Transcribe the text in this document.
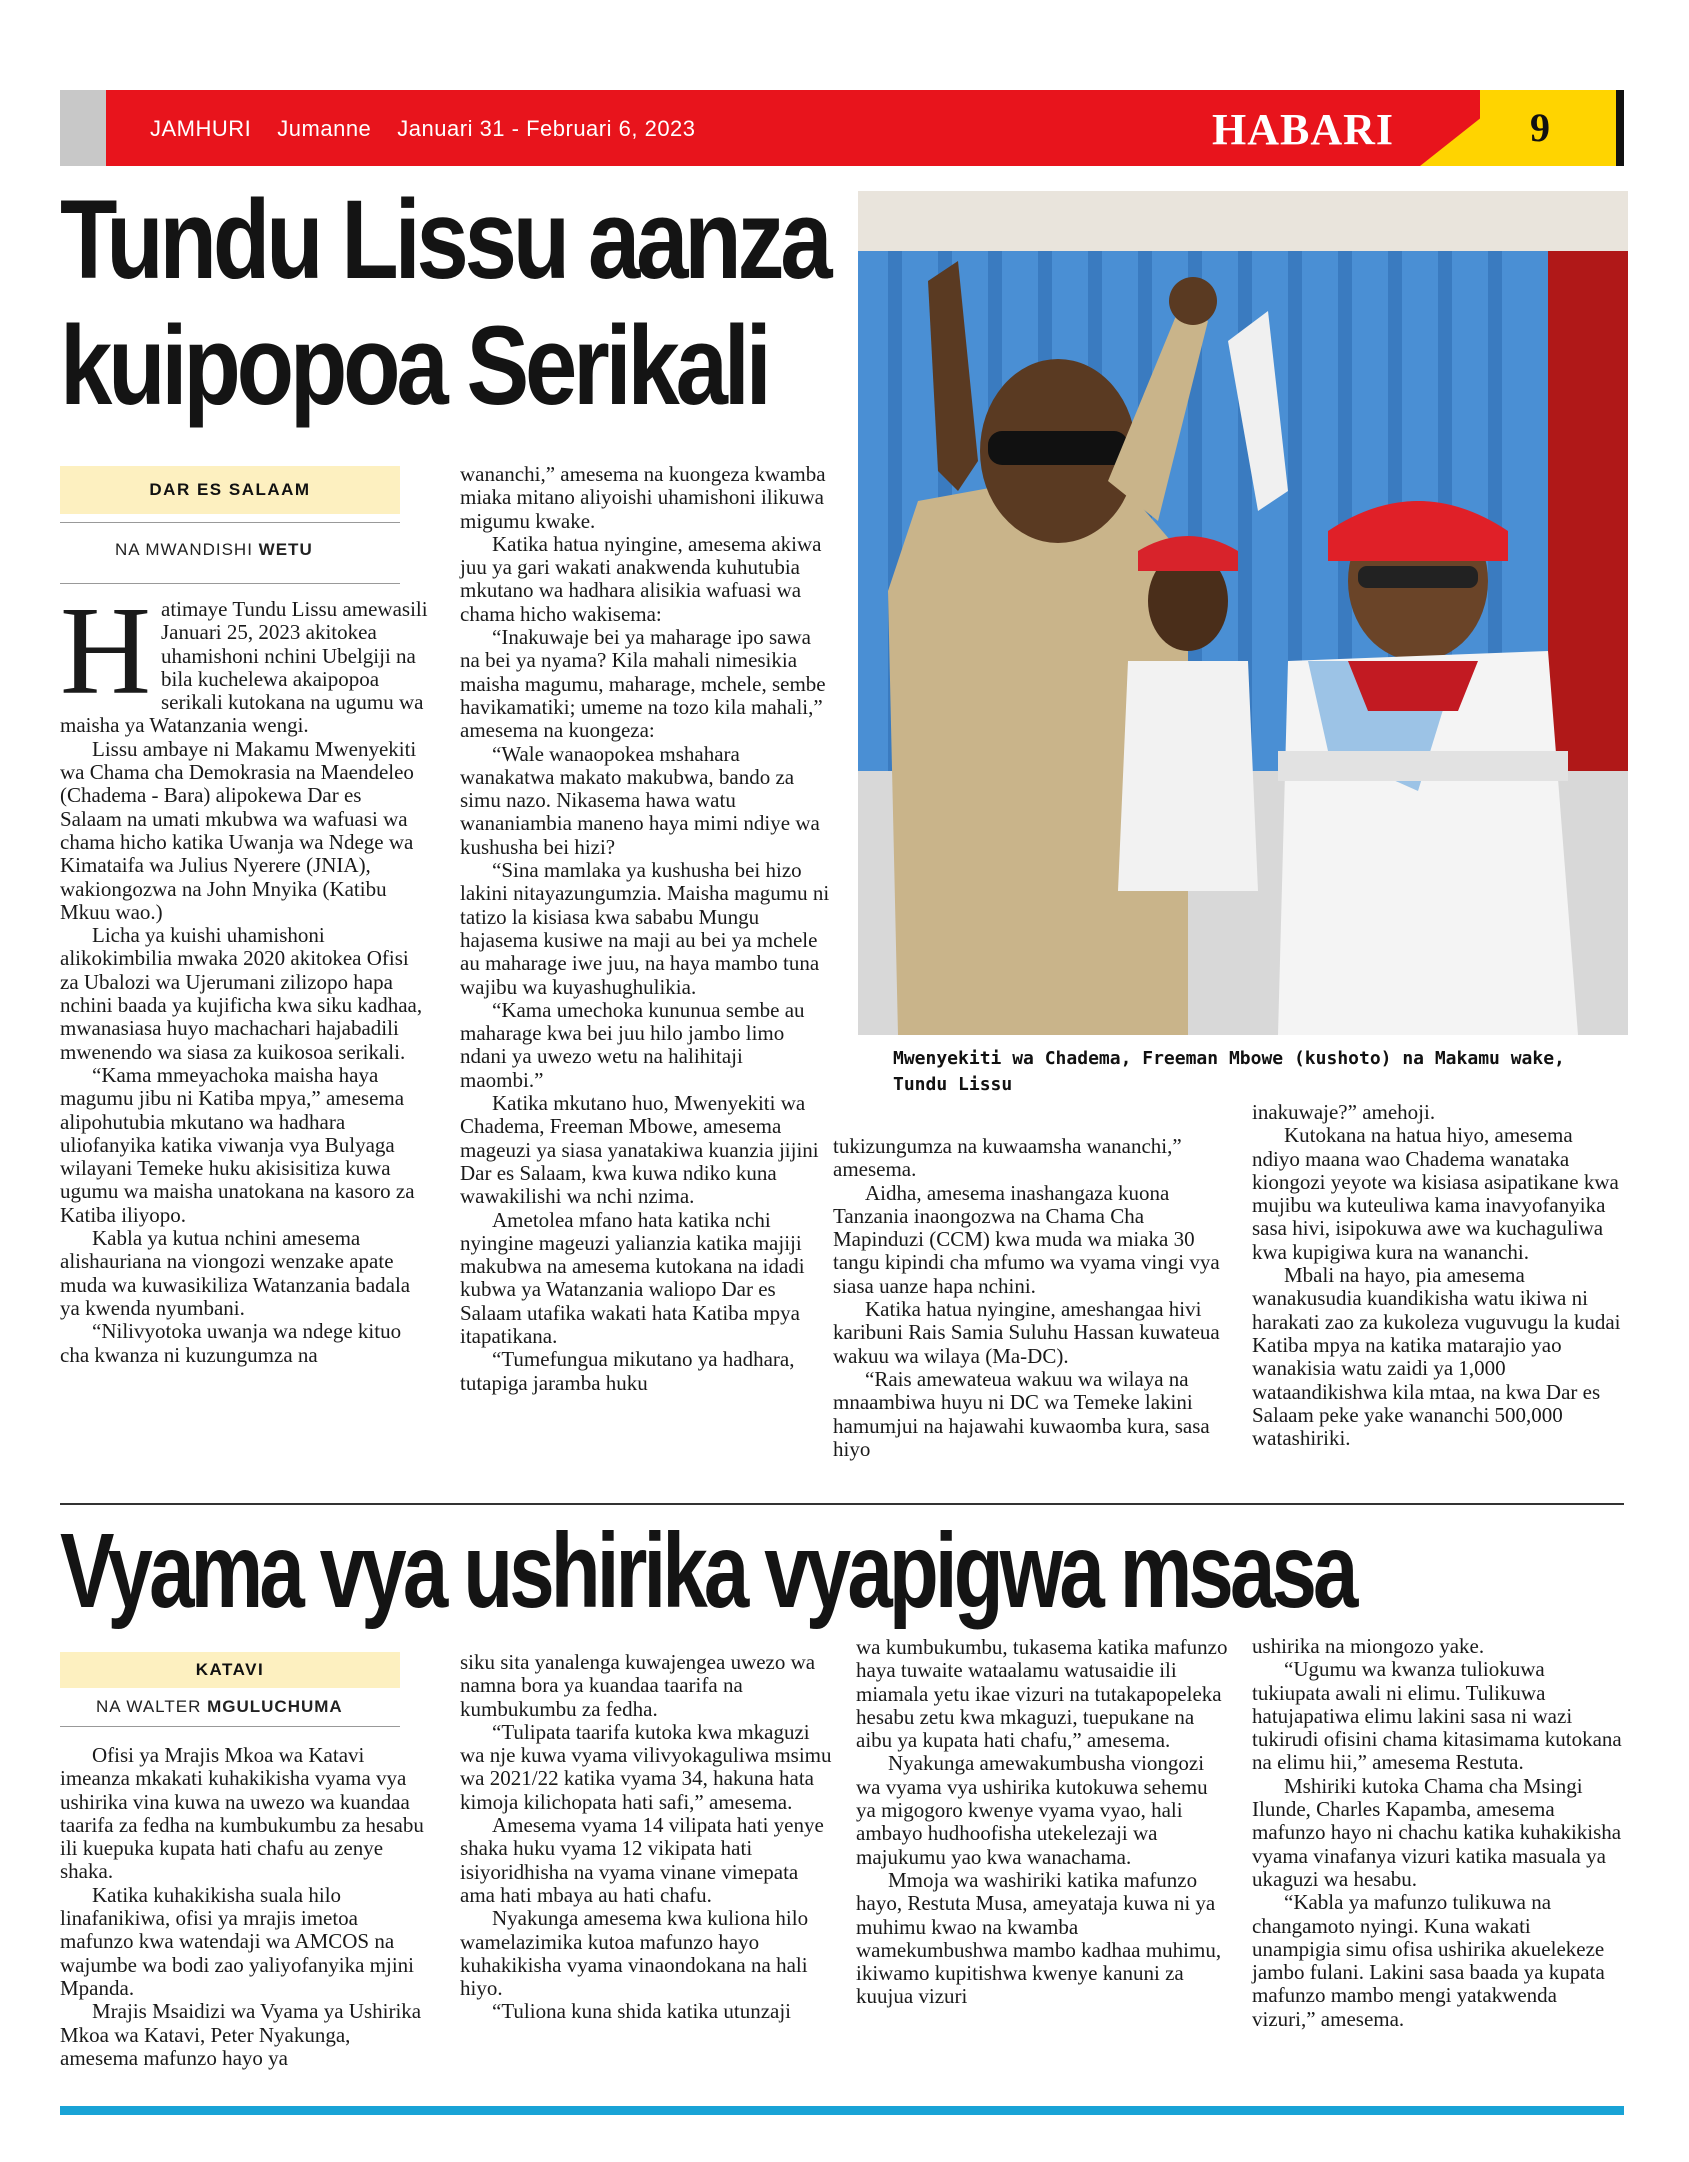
JAMHURI Jumanne Januari 31 - Februari 6, 2023	HABARI	9
Tundu Lissu aanza
kuipopoa Serikali
Mwenyekiti wa Chadema, Freeman Mbowe (kushoto) na Makamu wake, Tundu Lissu
DAR ES SALAAM
NA MWANDISHI WETU

Hatimaye Tundu Lissu amewasili Januari 25, 2023 akitokea uhamishoni nchini Ubelgiji na bila kuchelewa akaipopoa serikali kutokana na ugumu wa maisha ya Watanzania wengi.

Lissu ambaye ni Makamu Mwenyekiti wa Chama cha Demokrasia na Maendeleo (Chadema - Bara) alipokewa Dar es Salaam na umati mkubwa wa wafuasi wa chama hicho katika Uwanja wa Ndege wa Kimataifa wa Julius Nyerere (JNIA), wakiongozwa na John Mnyika (Katibu Mkuu wao.)

Licha ya kuishi uhamishoni alikokimbilia mwaka 2020 akitokea Ofisi za Ubalozi wa Ujerumani zilizopo hapa nchini baada ya kujificha kwa siku kadhaa, mwanasiasa huyo machachari hajabadili mwenendo wa siasa za kuikosoa serikali.

“Kama mmeyachoka maisha haya magumu jibu ni Katiba mpya,” amesema alipohutubia mkutano wa hadhara uliofanyika katika viwanja vya Bulyaga wilayani Temeke huku akisisitiza kuwa ugumu wa maisha unatokana na kasoro za Katiba iliyopo.

Kabla ya kutua nchini amesema alishauriana na viongozi wenzake apate muda wa kuwasikiliza Watanzania badala ya kwenda nyumbani.

“Nilivyotoka uwanja wa ndege kituo cha kwanza ni kuzungumza na

wananchi,” amesema na kuongeza kwamba miaka mitano aliyoishi uhamishoni ilikuwa migumu kwake.

Katika hatua nyingine, amesema akiwa juu ya gari wakati anakwenda kuhutubia mkutano wa hadhara alisikia wafuasi wa chama hicho wakisema:

“Inakuwaje bei ya maharage ipo sawa na bei ya nyama? Kila mahali nimesikia maisha magumu, maharage, mchele, sembe havikamatiki; umeme na tozo kila mahali,” amesema na kuongeza:

“Wale wanaopokea mshahara wanakatwa makato makubwa, bando za simu nazo. Nikasema hawa watu wananiambia maneno haya mimi ndiye wa kushusha bei hizi?

“Sina mamlaka ya kushusha bei hizo lakini nitayazungumzia. Maisha magumu ni tatizo la kisiasa kwa sababu Mungu hajasema kusiwe na maji au bei ya mchele au maharage iwe juu, na haya mambo tuna wajibu wa kuyashughulikia.

“Kama umechoka kununua sembe au maharage kwa bei juu hilo jambo limo ndani ya uwezo wetu na halihitaji maombi.”

Katika mkutano huo, Mwenyekiti wa Chadema, Freeman Mbowe, amesema mageuzi ya siasa yanatakiwa kuanzia jijini Dar es Salaam, kwa kuwa ndiko kuna wawakilishi wa nchi nzima.

Ametolea mfano hata katika nchi nyingine mageuzi yalianzia katika majiji makubwa na amesema kutokana na idadi kubwa ya Watanzania waliopo Dar es Salaam utafika wakati hata Katiba mpya itapatikana.

“Tumefungua mikutano ya hadhara, tutapiga jaramba huku

tukizungumza na kuwaamsha wananchi,” amesema.

Aidha, amesema inashangaza kuona Tanzania inaongozwa na Chama Cha Mapinduzi (CCM) kwa muda wa miaka 30 tangu kipindi cha mfumo wa vyama vingi vya siasa uanze hapa nchini.

Katika hatua nyingine, ameshangaa hivi karibuni Rais Samia Suluhu Hassan kuwateua wakuu wa wilaya (Ma-DC).

“Rais amewateua wakuu wa wilaya na mnaambiwa huyu ni DC wa Temeke lakini hamumjui na hajawahi kuwaomba kura, sasa hiyo

inakuwaje?” amehoji.

Kutokana na hatua hiyo, amesema ndiyo maana wao Chadema wanataka kiongozi yeyote wa kisiasa asipatikane kwa mujibu wa kuteuliwa kama inavyofanyika sasa hivi, isipokuwa awe wa kuchaguliwa kwa kupigiwa kura na wananchi.

Mbali na hayo, pia amesema wanakusudia kuandikisha watu ikiwa ni harakati zao za kukoleza vuguvugu la kudai Katiba mpya na katika matarajio yao wanakisia watu zaidi ya 1,000 wataandikishwa kila mtaa, na kwa Dar es Salaam peke yake wananchi 500,000 watashiriki.

Vyama vya ushirika vyapigwa msasa
KATAVI
NA WALTER MGULUCHUMA

Ofisi ya Mrajis Mkoa wa Katavi imeanza mkakati kuhakikisha vyama vya ushirika vina kuwa na uwezo wa kuandaa taarifa za fedha na kumbukumbu za hesabu ili kuepuka kupata hati chafu au zenye shaka.

Katika kuhakikisha suala hilo linafanikiwa, ofisi ya mrajis imetoa mafunzo kwa watendaji wa AMCOS na wajumbe wa bodi zao yaliyofanyika mjini Mpanda.

Mrajis Msaidizi wa Vyama ya Ushirika Mkoa wa Katavi, Peter Nyakunga, amesema mafunzo hayo ya

siku sita yanalenga kuwajengea uwezo wa namna bora ya kuandaa taarifa na kumbukumbu za fedha.

“Tulipata taarifa kutoka kwa mkaguzi wa nje kuwa vyama vilivyokaguliwa msimu wa 2021/22 katika vyama 34, hakuna hata kimoja kilichopata hati safi,” amesema.

Amesema vyama 14 vilipata hati yenye shaka huku vyama 12 vikipata hati isiyoridhisha na vyama vinane vimepata ama hati mbaya au hati chafu.

Nyakunga amesema kwa kuliona hilo wamelazimika kutoa mafunzo hayo kuhakikisha vyama vinaondokana na hali hiyo.

“Tuliona kuna shida katika utunzaji

wa kumbukumbu, tukasema katika mafunzo haya tuwaite wataalamu watusaidie ili miamala yetu ikae vizuri na tutakapopeleka hesabu zetu kwa mkaguzi, tuepukane na aibu ya kupata hati chafu,” amesema.

Nyakunga amewakumbusha viongozi wa vyama vya ushirika kutokuwa sehemu ya migogoro kwenye vyama vyao, hali ambayo hudhoofisha utekelezaji wa majukumu yao kwa wanachama.

Mmoja wa washiriki katika mafunzo hayo, Restuta Musa, ameyataja kuwa ni ya muhimu kwao na kwamba wamekumbushwa mambo kadhaa muhimu, ikiwamo kupitishwa kwenye kanuni za kuujua vizuri

ushirika na miongozo yake.

“Ugumu wa kwanza tuliokuwa tukiupata awali ni elimu. Tulikuwa hatujapatiwa elimu lakini sasa ni wazi tukirudi ofisini chama kitasimama kutokana na elimu hii,” amesema Restuta.

Mshiriki kutoka Chama cha Msingi Ilunde, Charles Kapamba, amesema mafunzo hayo ni chachu katika kuhakikisha vyama vinafanya vizuri katika masuala ya ukaguzi wa hesabu.

“Kabla ya mafunzo tulikuwa na changamoto nyingi. Kuna wakati unampigia simu ofisa ushirika akuelekeze jambo fulani. Lakini sasa baada ya kupata mafunzo mambo mengi yatakwenda vizuri,” amesema.
